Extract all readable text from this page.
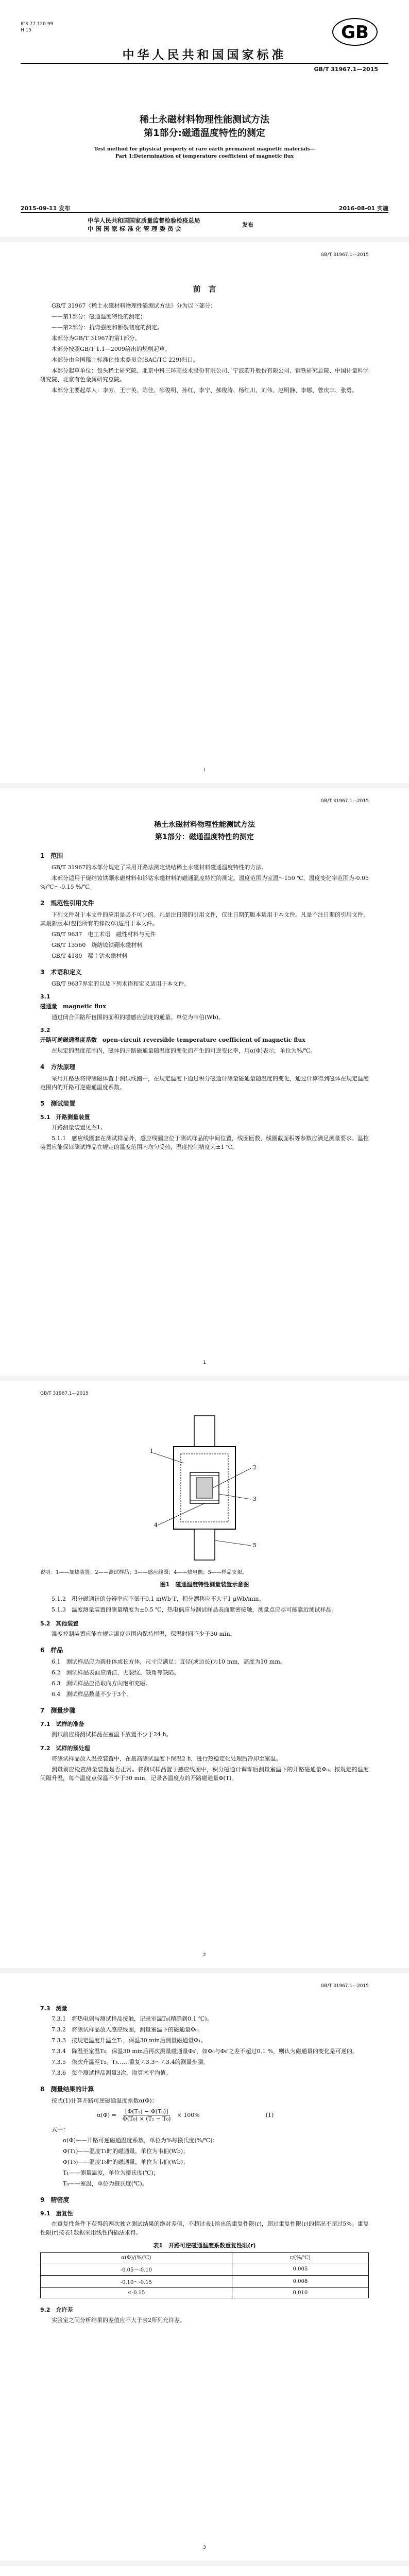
ICS 77.120.99
H 15	GB
中华人民共和国国家标准
GB/T 31967.1—2015
稀土永磁材料物理性能测试方法
第1部分:磁通温度特性的测定
Test method for physical property of rare earth permanent magnetic materials—
Part 1:Determination of temperature coefficient of magnetic flux
2015-09-11 发布	2016-08-01 实施
中华人民共和国国家质量监督检验检疫总局
中 国 国 家 标 准 化 管 理 委 员 会
发布
GB/T 31967.1—2015
前　言

GB/T 31967《稀土永磁材料物理性能测试方法》分为以下部分：

——第1部分：磁通温度特性的测定；

——第2部分：抗弯强度和断裂韧度的测定。

本部分为GB/T 31967的第1部分。

本部分按照GB/T 1.1—2009给出的规则起草。

本部分由全国稀土标准化技术委员会(SAC/TC 229)归口。

本部分起草单位：包头稀土研究院、北京中科三环高技术股份有限公司、宁波韵升股份有限公司、钢铁研究总院、中国计量科学研究院、北京有色金属研究总院。

本部分主要起草人：李芳、王宁英、陈佳、邵俊明、孙红、李宁、郝俊涛、杨红川、刘伟、赵明静、李娜、曾庆丰、张勇。

Ⅰ
GB/T 31967.1—2015
稀土永磁材料物理性能测试方法
第1部分：磁通温度特性的测定
1　范围

GB/T 31967的本部分规定了采用开路法测定烧结稀土永磁材料磁通温度特性的方法。

本部分适用于烧结钕铁硼永磁材料和钐钴永磁材料的磁通温度特性的测定。温度范围为室温～150 ℃，温度变化率范围为-0.05 %/℃～-0.15 %/℃。

2　规范性引用文件

下列文件对于本文件的应用是必不可少的。凡是注日期的引用文件，仅注日期的版本适用于本文件。凡是不注日期的引用文件，其最新版本(包括所有的修改单)适用于本文件。

GB/T 9637　电工术语　磁性材料与元件

GB/T 13560　烧结钕铁硼永磁材料

GB/T 4180　稀土钴永磁材料

3　术语和定义

GB/T 9637界定的以及下列术语和定义适用于本文件。

3.1

磁通量　magnetic flux

通过闭合回路所包围的面积的磁感应强度的通量。单位为韦伯(Wb)。

3.2

开路可逆磁通温度系数　open-circuit reversible temperature coefficient of magnetic flux

在规定的温度范围内，磁体的开路磁通量随温度的变化而产生的可逆变化率，用α(Φ)表示，单位为%/℃。

4　方法原理

采用开路法将待测磁体置于测试线圈中，在规定温度下通过积分磁通计测量磁通量随温度的变化，通过计算得到磁体在规定温度范围内的开路可逆磁通温度系数。

5　测试装置
5.1　开路测量装置

开路测量装置见图1。

5.1.1　感应线圈套在测试样品外，感应线圈应位于测试样品的中间位置，线圈匝数、线圈截面积等参数应满足测量要求。温控装置应能保证测试样品在规定的温度范围内均匀受热，温度控制精度为±1 ℃。

1
GB/T 31967.1—2015
1
2
3
4
5

说明：1——加热装置；2——测试样品；3——感应线圈；4——热电偶；5——样品支架。

图1　磁通温度特性测量装置示意图

5.1.2　积分磁通计的分辨率应不低于0.1 mWb·T，积分漂移应不大于1 μWb/min。

5.1.3　温度测量装置的测量精度为±0.5 ℃，热电偶应与测试样品表面紧密接触，测量点应尽可能靠近测试样品。

5.2　其他装置

温度控制装置应能在规定温度范围内保持恒温，保温时间不少于30 min。

6　样品

6.1　测试样品应为圆柱体或长方体，尺寸应满足：直径(或边长)为10 mm，高度为10 mm。

6.2　测试样品表面应清洁，无裂纹、缺角等缺陷。

6.3　测试样品应沿取向方向饱和充磁。

6.4　测试样品数量不少于3个。

7　测量步骤
7.1　试样的准备

测试前应将测试样品在室温下放置不少于24 h。

7.2　试样的预处理

将测试样品放入温控装置中，在最高测试温度下保温2 h，进行热稳定化处理后冷却至室温。

测量前应检查测量装置是否正常。将测试样品置于感应线圈中，积分磁通计调零后测量室温下的开路磁通量Φ₀。按规定的温度间隔升温，每个温度点保温不少于30 min，记录各温度点的开路磁通量Φ(T)。

2
GB/T 31967.1—2015
7.3　测量

7.3.1　将热电偶与测试样品接触，记录室温T₀(精确到0.1 ℃)。

7.3.2　将测试样品放入感应线圈，测量室温下的磁通量Φ₀。

7.3.3　按规定温度升温至T₁，保温30 min后测量磁通量Φ₁。

7.3.4　降温至室温T₀，保温30 min后再次测量磁通量Φ₀′，如Φ₀与Φ₀′之差不超过0.1 %，则认为磁通量的变化是可逆的。

7.3.5　依次升温至T₂、T₃……重复7.3.3～7.3.4的测量步骤。

7.3.6　每个测试样品测量3次，取算术平均值。

8　测量结果的计算

按式(1)计算开路可逆磁通温度系数α(Φ)：

$\alpha(\Phi) = \frac{\text{[Φ(T₁) − Φ(T₀)]}}{\text{Φ(T₀) × (T₁ − T₀)}} \times 100\%$	(1)

式中：

α(Φ)——开路可逆磁通温度系数，单位为%每摄氏度(%/℃)；

Φ(T₁)——温度T₁时的磁通量，单位为韦伯(Wb)；

Φ(T₀)——温度T₀时的磁通量，单位为韦伯(Wb)；

T₁——测量温度，单位为摄氏度(℃)；

T₀——室温，单位为摄氏度(℃)。

9　精密度
9.1　重复性

在重复性条件下获得的两次独立测试结果的绝对差值，不超过表1给出的重复性限(r)，超过重复性限(r)的情况不超过5%。重复性限(r)按表1数据采用线性内插法求得。

表1　开路可逆磁通温度系数重复性限(r)
α(Φ)/(%/℃)	r/(%/℃)
-0.05～-0.10	0.005
-0.10～-0.15	0.008
≤-0.15	0.010
9.2　允许差

实验室之间分析结果的差值应不大于表2所列允许差。

3
